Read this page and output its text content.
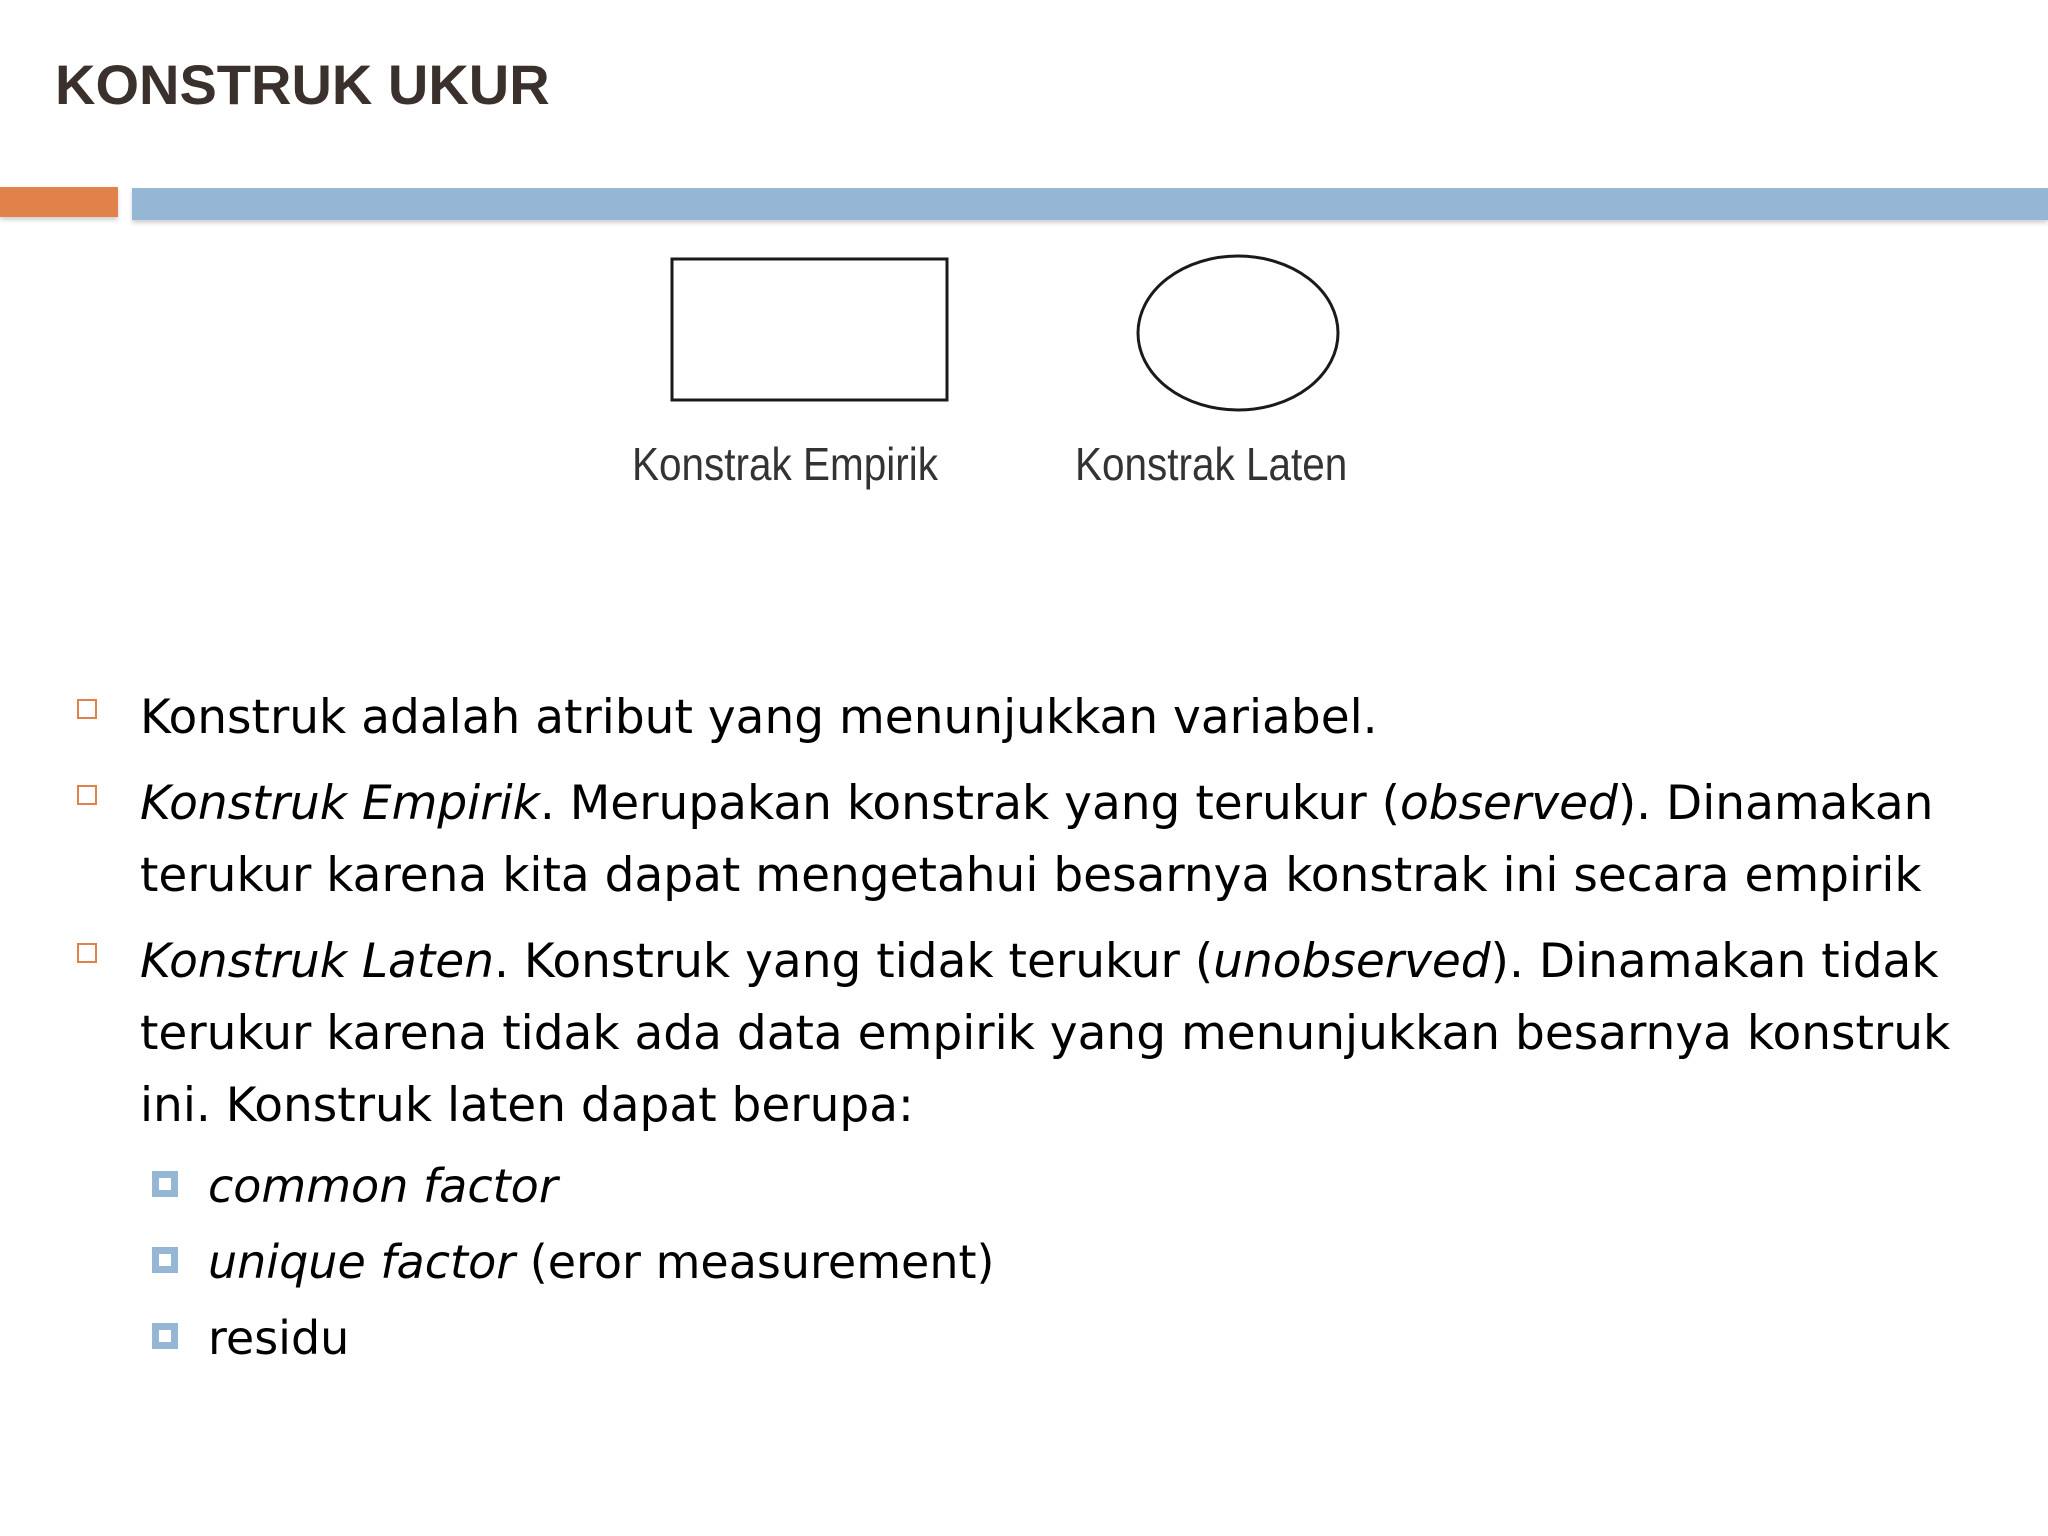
KONSTRUK UKUR
Konstrak Empirik	Konstrak Laten
Konstruk adalah atribut yang menunjukkan variabel.
Konstruk Empirik. Merupakan konstrak yang terukur (observed). Dinamakan terukur karena kita dapat mengetahui besarnya konstrak ini secara empirik
Konstruk Laten. Konstruk yang tidak terukur (unobserved). Dinamakan tidak terukur karena tidak ada data empirik yang menunjukkan besarnya konstruk ini. Konstruk laten dapat berupa:
common factor
unique factor (eror measurement)
residu
